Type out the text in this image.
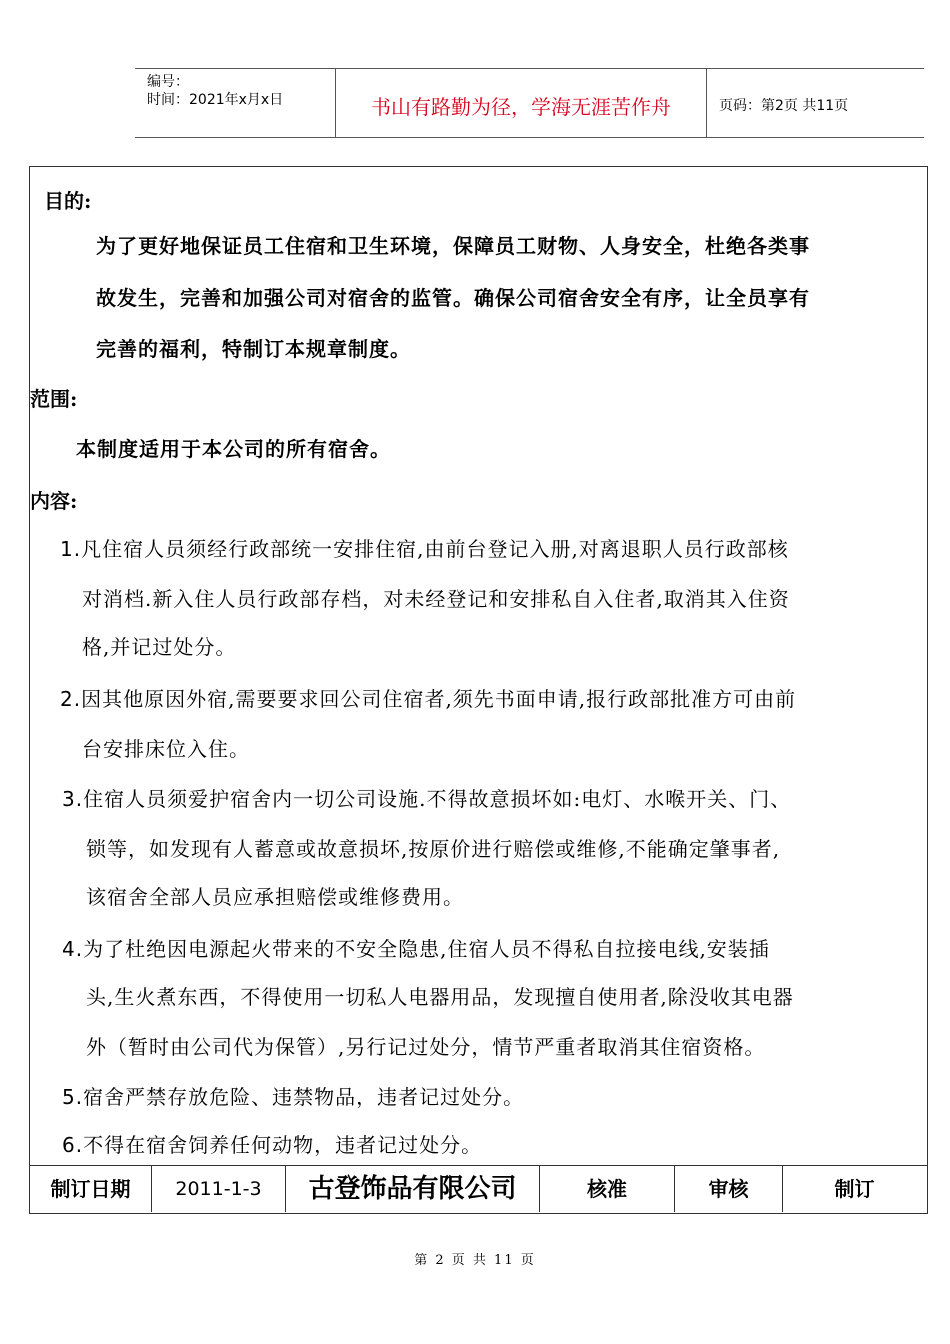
编号：
时间：2021年x月x日	书山有路勤为径，学海无涯苦作舟	页码：第2页 共11页
目的:
为了更好地保证员工住宿和卫生环境，保障员工财物、人身安全，杜绝各类事
故发生，完善和加强公司对宿舍的监管。确保公司宿舍安全有序，让全员享有
完善的福利，特制订本规章制度。
范围:
本制度适用于本公司的所有宿舍。
内容:
1.凡住宿人员须经行政部统一安排住宿,由前台登记入册,对离退职人员行政部核
对消档.新入住人员行政部存档，对未经登记和安排私自入住者,取消其入住资
格,并记过处分。
2.因其他原因外宿,需要要求回公司住宿者,须先书面申请,报行政部批准方可由前
台安排床位入住。
3.住宿人员须爱护宿舍内一切公司设施.不得故意损坏如:电灯、水喉开关、门、
锁等，如发现有人蓄意或故意损坏,按原价进行赔偿或维修,不能确定肇事者,
该宿舍全部人员应承担赔偿或维修费用。
4.为了杜绝因电源起火带来的不安全隐患,住宿人员不得私自拉接电线,安装插
头,生火煮东西，不得使用一切私人电器用品，发现擅自使用者,除没收其电器
外（暂时由公司代为保管）,另行记过处分，情节严重者取消其住宿资格。
5.宿舍严禁存放危险、违禁物品，违者记过处分。
6.不得在宿舍饲养任何动物，违者记过处分。
制订日期	2011-1-3	古登饰品有限公司	核准	审核	制订
第 2 页 共 11 页
